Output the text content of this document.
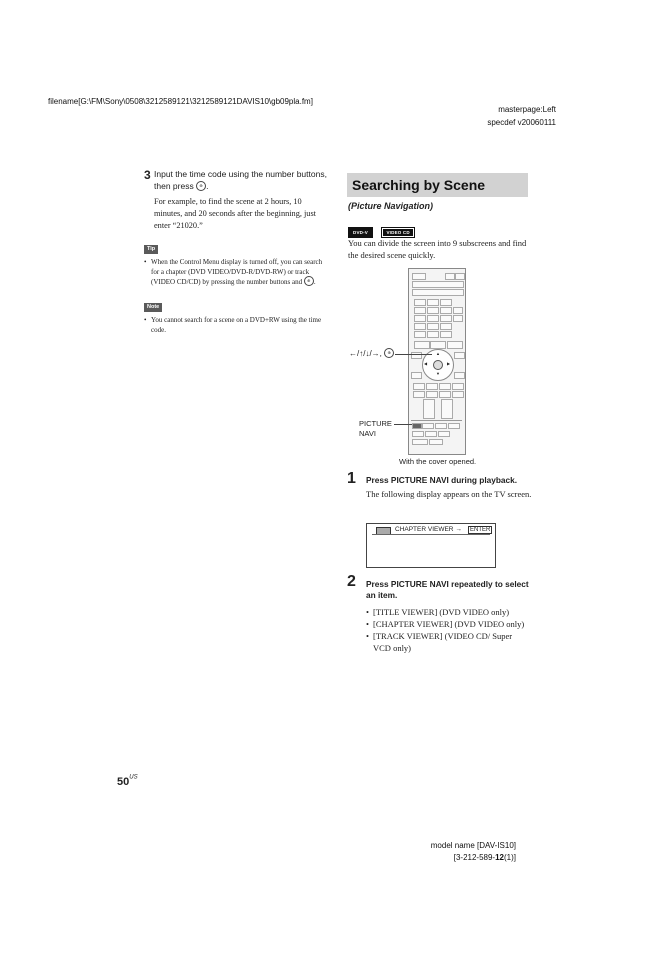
filename[G:\FM\Sony\0508\3212589121\3212589121DAVIS10\gb09pla.fm]
masterpage:Left
specdef v20060111
3 Input the time code using the number buttons, then press ⊕ .
For example, to find the scene at 2 hours, 10 minutes, and 20 seconds after the beginning, just enter “21020.”
Tip
• When the Control Menu display is turned off, you can search for a chapter (DVD VIDEO/DVD-R/DVD-RW) or track (VIDEO CD/CD) by pressing the number buttons and ⊕ .
Note
• You cannot search for a scene on a DVD+RW using the time code.
Searching by Scene
(Picture Navigation)
DVD-V	VIDEO CD
You can divide the screen into 9 subscreens and find the desired scene quickly.
▲
▼
◀	▶
←/↑/↓/→, ⊕
PICTURE
NAVI
With the cover opened.
1 Press PICTURE NAVI during playback.
The following display appears on the TV screen.
CHAPTER VIEWER →	ENTER
2 Press PICTURE NAVI repeatedly to select an item.
• [TITLE VIEWER] (DVD VIDEO only)
• [CHAPTER VIEWER] (DVD VIDEO only)
• [TRACK VIEWER] (VIDEO CD/ Super VCD only)
$50^{US}$
model name [DAV-IS10]
[3-212-589-12(1)]
